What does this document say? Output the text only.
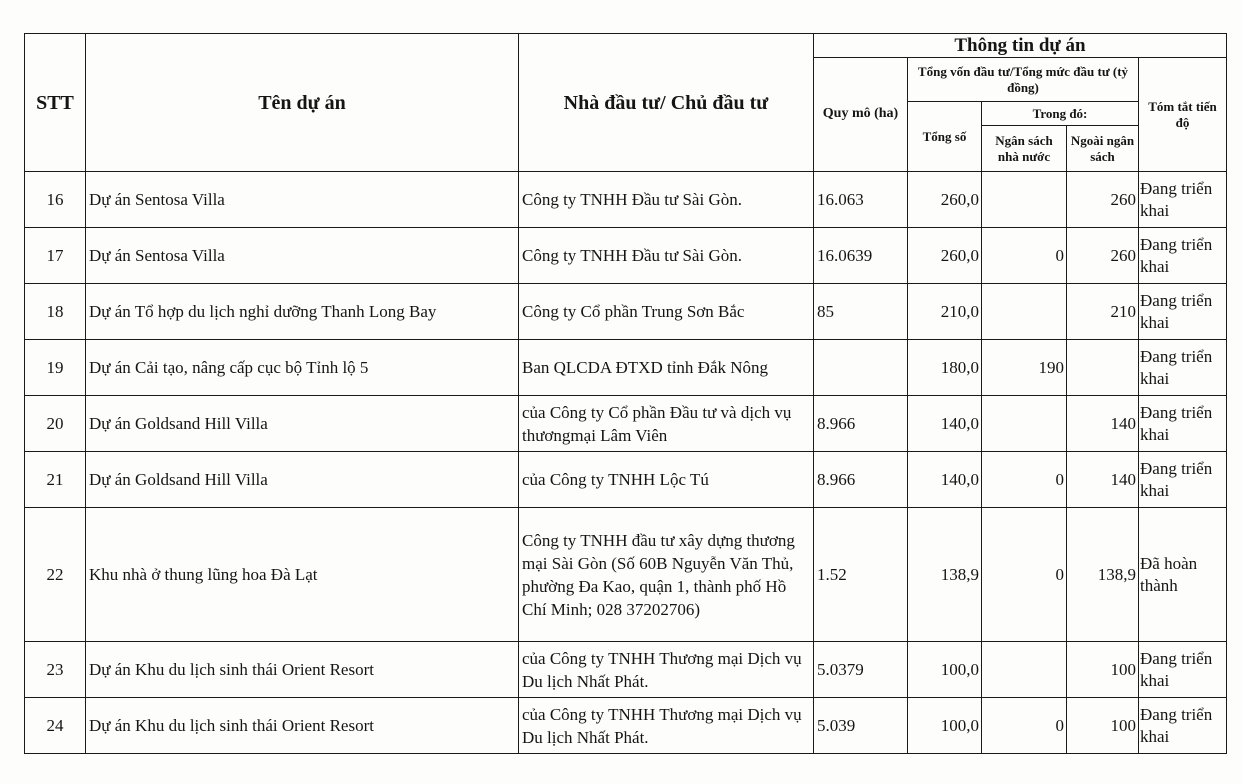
STT	Tên dự án	Nhà đầu tư/ Chủ đầu tư	Thông tin dự án				
			Quy mô (ha)	Tổng vốn đầu tư/Tổng mức đầu tư (tỷ đồng)			Tóm tắt tiến độ
				Tổng số	Trong đó:		
					Ngân sách nhà nước	Ngoài ngân sách	
16	Dự án Sentosa Villa	Công ty TNHH Đầu tư Sài Gòn.	16.063	260,0		260	Đang triển khai
17	Dự án Sentosa Villa	Công ty TNHH Đầu tư Sài Gòn.	16.0639	260,0	0	260	Đang triển khai
18	Dự án Tổ hợp du lịch nghỉ dưỡng Thanh Long Bay	Công ty Cổ phần Trung Sơn Bắc	85	210,0		210	Đang triển khai
19	Dự án Cải tạo, nâng cấp cục bộ Tỉnh lộ 5	Ban QLCDA ĐTXD tỉnh Đắk Nông		180,0	190		Đang triển khai
20	Dự án Goldsand Hill Villa	của Công ty Cổ phần Đầu tư và dịch vụ thươngmại Lâm Viên	8.966	140,0		140	Đang triển khai
21	Dự án Goldsand Hill Villa	của Công ty TNHH Lộc Tú	8.966	140,0	0	140	Đang triển khai
22	Khu nhà ở thung lũng hoa Đà Lạt	Công ty TNHH đầu tư xây dựng thương mại Sài Gòn (Số 60B Nguyễn Văn Thủ, phường Đa Kao, quận 1, thành phố Hồ Chí Minh; 028 37202706)	1.52	138,9	0	138,9	Đã hoàn thành
23	Dự án Khu du lịch sinh thái Orient Resort	của Công ty TNHH Thương mại Dịch vụ Du lịch Nhất Phát.	5.0379	100,0		100	Đang triển khai
24	Dự án Khu du lịch sinh thái Orient Resort	của Công ty TNHH Thương mại Dịch vụ Du lịch Nhất Phát.	5.039	100,0	0	100	Đang triển khai
